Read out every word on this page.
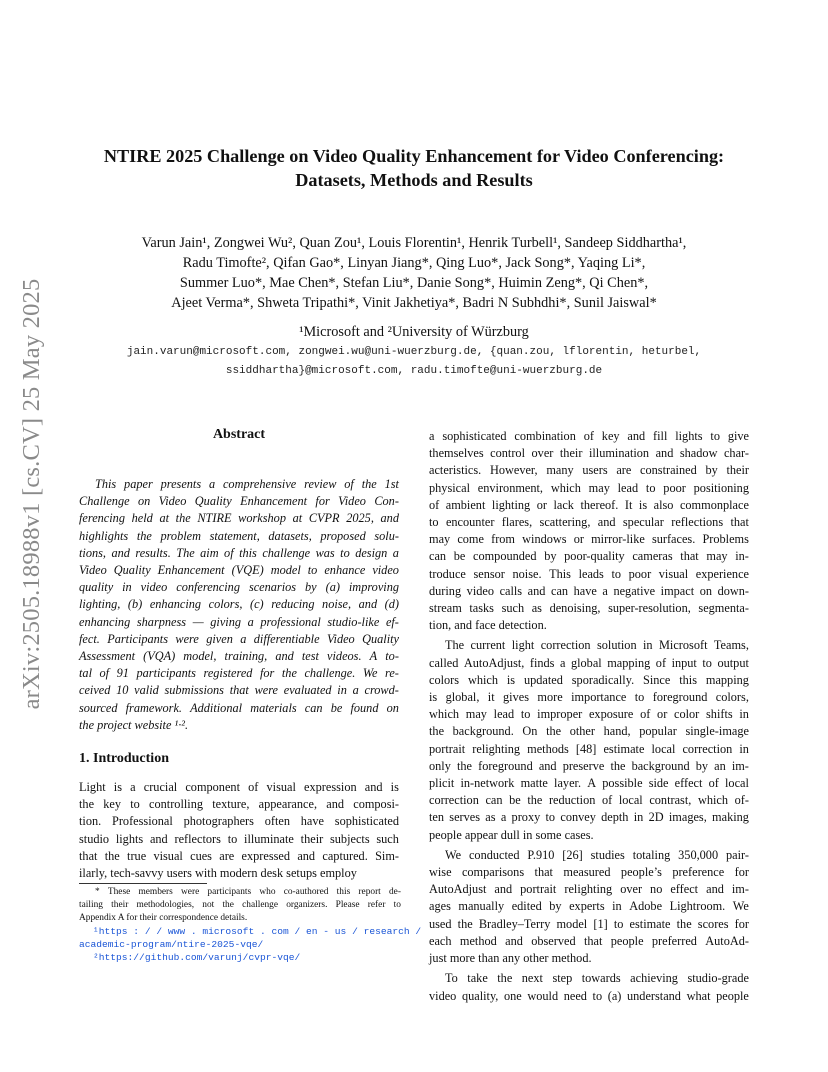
arXiv:2505.18988v1 [cs.CV] 25 May 2025
NTIRE 2025 Challenge on Video Quality Enhancement for Video Conferencing:
Datasets, Methods and Results
Varun Jain¹, Zongwei Wu², Quan Zou¹, Louis Florentin¹, Henrik Turbell¹, Sandeep Siddhartha¹,
Radu Timofte², Qifan Gao*, Linyan Jiang*, Qing Luo*, Jack Song*, Yaqing Li*,
Summer Luo*, Mae Chen*, Stefan Liu*, Danie Song*, Huimin Zeng*, Qi Chen*,
Ajeet Verma*, Shweta Tripathi*, Vinit Jakhetiya*, Badri N Subhdhi*, Sunil Jaiswal*
¹Microsoft and ²University of Würzburg
jain.varun@microsoft.com, zongwei.wu@uni-wuerzburg.de, {quan.zou, lflorentin, heturbel,
ssiddhartha}@microsoft.com, radu.timofte@uni-wuerzburg.de
Abstract
This paper presents a comprehensive review of the 1st
Challenge on Video Quality Enhancement for Video Con-
ferencing held at the NTIRE workshop at CVPR 2025, and
highlights the problem statement, datasets, proposed solu-
tions, and results. The aim of this challenge was to design a
Video Quality Enhancement (VQE) model to enhance video
quality in video conferencing scenarios by (a) improving
lighting, (b) enhancing colors, (c) reducing noise, and (d)
enhancing sharpness — giving a professional studio-like ef-
fect. Participants were given a differentiable Video Quality
Assessment (VQA) model, training, and test videos. A to-
tal of 91 participants registered for the challenge. We re-
ceived 10 valid submissions that were evaluated in a crowd-
sourced framework. Additional materials can be found on
the project website ¹·².
1. Introduction
Light is a crucial component of visual expression and is
the key to controlling texture, appearance, and composi-
tion. Professional photographers often have sophisticated
studio lights and reflectors to illuminate their subjects such
that the true visual cues are expressed and captured. Sim-
ilarly, tech-savvy users with modern desk setups employ
* These members were participants who co-authored this report de-
tailing their methodologies, not the challenge organizers. Please refer to
Appendix A for their correspondence details.
¹https : / / www . microsoft . com / en - us / research /
academic-program/ntire-2025-vqe/
²https://github.com/varunj/cvpr-vqe/
a sophisticated combination of key and fill lights to give
themselves control over their illumination and shadow char-
acteristics. However, many users are constrained by their
physical environment, which may lead to poor positioning
of ambient lighting or lack thereof. It is also commonplace
to encounter flares, scattering, and specular reflections that
may come from windows or mirror-like surfaces. Problems
can be compounded by poor-quality cameras that may in-
troduce sensor noise. This leads to poor visual experience
during video calls and can have a negative impact on down-
stream tasks such as denoising, super-resolution, segmenta-
tion, and face detection.
The current light correction solution in Microsoft Teams,
called AutoAdjust, finds a global mapping of input to output
colors which is updated sporadically. Since this mapping
is global, it gives more importance to foreground colors,
which may lead to improper exposure of or color shifts in
the background. On the other hand, popular single-image
portrait relighting methods [48] estimate local correction in
only the foreground and preserve the background by an im-
plicit in-network matte layer. A possible side effect of local
correction can be the reduction of local contrast, which of-
ten serves as a proxy to convey depth in 2D images, making
people appear dull in some cases.
We conducted P.910 [26] studies totaling 350,000 pair-
wise comparisons that measured people’s preference for
AutoAdjust and portrait relighting over no effect and im-
ages manually edited by experts in Adobe Lightroom. We
used the Bradley–Terry model [1] to estimate the scores for
each method and observed that people preferred AutoAd-
just more than any other method.
To take the next step towards achieving studio-grade
video quality, one would need to (a) understand what people
